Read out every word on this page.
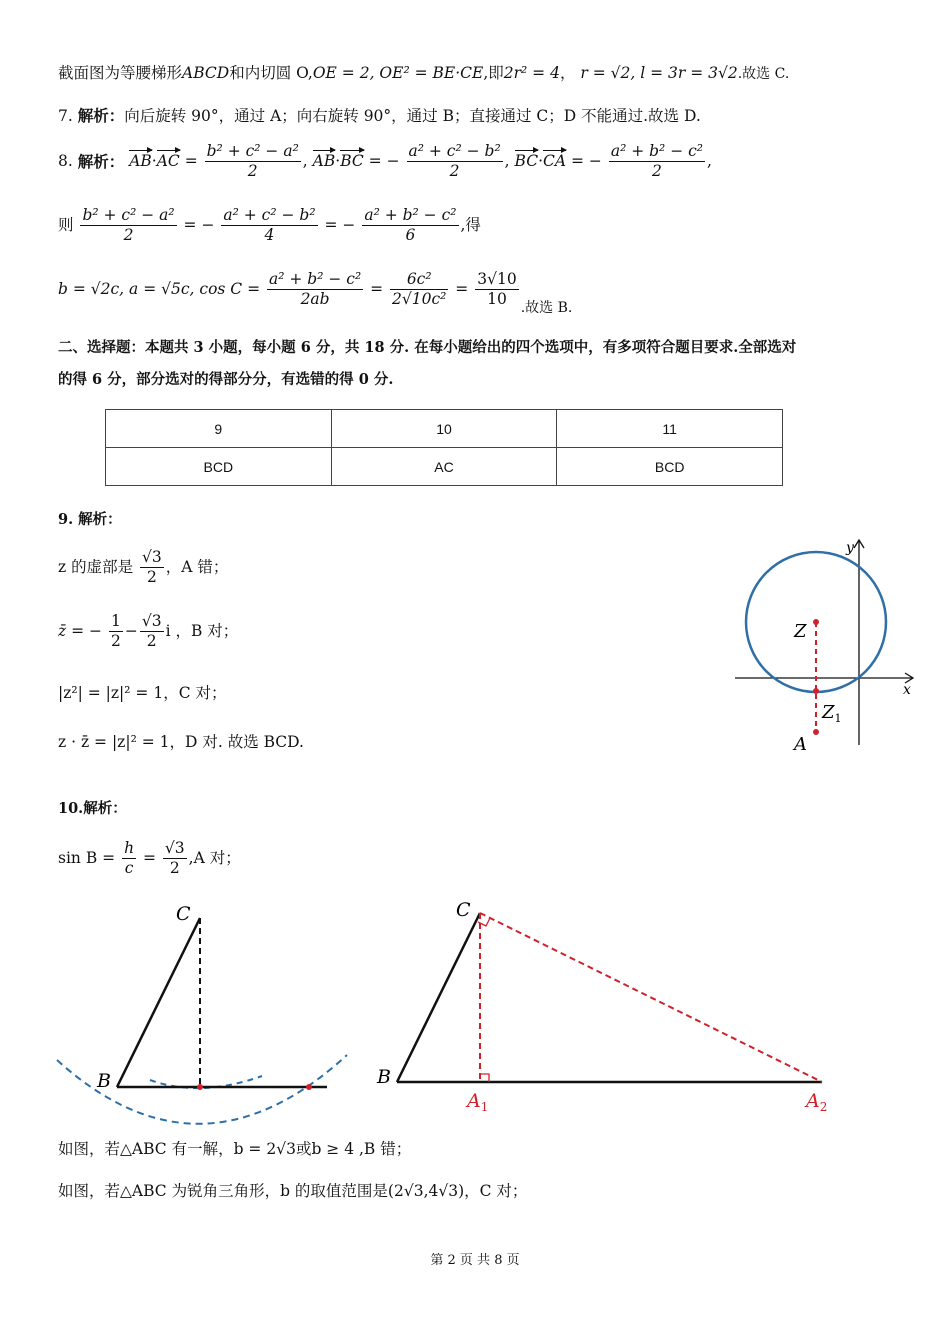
截面图为等腰梯形ABCD和内切圆 O,OE = 2, OE² = BE·CE,即2r² = 4， r = √2, l = 3r = 3√2.故选 C.
7. 解析：向后旋转 90°，通过 A；向右旋转 90°，通过 B；直接通过 C；D 不能通过.故选 D.
8. 解析： $AB\cdot AC = \frac{\text{b² + c² − a²}}{2}$ , AB·BC = − $\frac{\text{a² + c² − b²}}{2}$ , BC·CA = − $\frac{\text{a² + b² − c²}}{2}$ ,
则 $\frac{\text{b² + c² − a²}}{2}$ = − $\frac{\text{a² + c² − b²}}{4}$ = − $\frac{\text{a² + b² − c²}}{6}$ ,得
b = √2c, a = √5c, $\cos C = \frac{\text{a² + b² − c²}}{2ab} = \frac{\text{6c²}}{\text{2√10c²}} = \frac{3√10}{10}$ .故选 B.
二、选择题：本题共 3 小题，每小题 6 分，共 18 分. 在每小题给出的四个选项中，有多项符合题目要求.全部选对
的得 6 分，部分选对的得部分分，有选错的得 0 分.
9	10	11
BCD	AC	BCD
9. 解析：
z 的虚部是 $\frac{√3}{2}$ ，A 错；
z̄ = − $\frac{1}{2} - \frac{√3}{2}$ i ，B 对；
|z²| = |z|² = 1，C 对；
z · z̄ = |z|² = 1，D 对. 故选 BCD.
y
x
Z
$Z_1$
A
10.解析：
$\sin B = \frac{h}{c} = \frac{√3}{2} ,A$ 对；
C
B
C
B
$A_1$	$A_2$
如图，若△ABC 有一解，b = 2√3或b ≥ 4 ,B 错；
如图，若△ABC 为锐角三角形，b 的取值范围是(2√3,4√3)，C 对；
第 2 页 共 8 页
